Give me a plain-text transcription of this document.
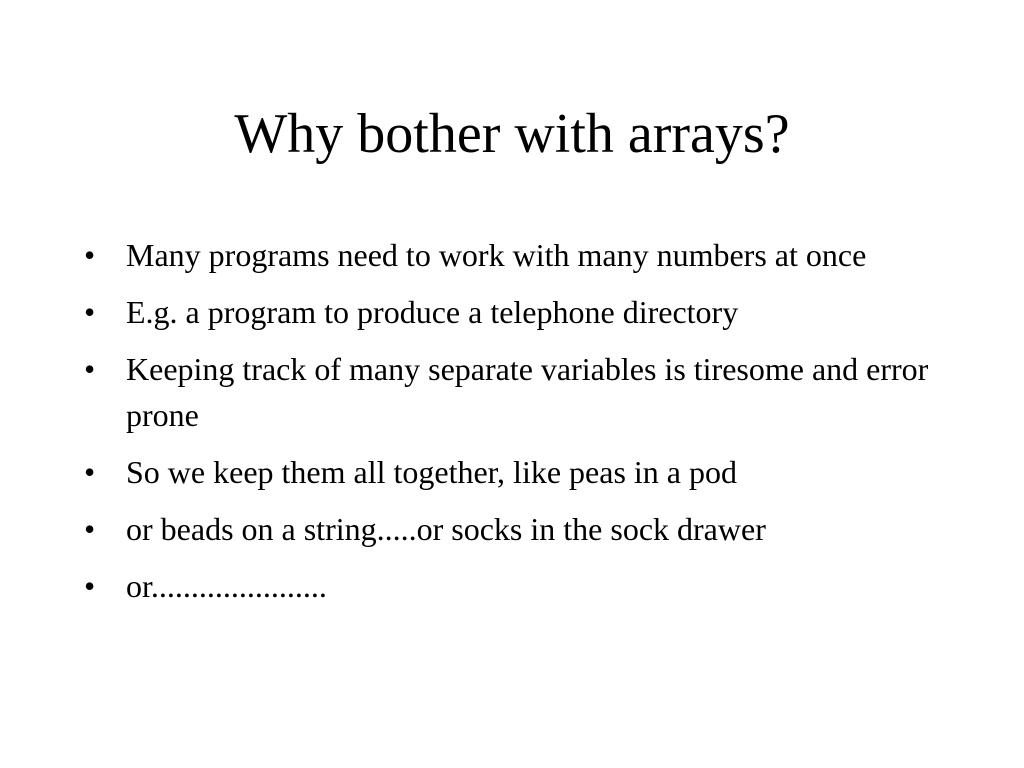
Why bother with arrays?
• Many programs need to work with many numbers at once
• E.g. a program to produce a telephone directory
• Keeping track of many separate variables is tiresome and error prone
• So we keep them all together, like peas in a pod
• or beads on a string.....or socks in the sock drawer
• or......................
